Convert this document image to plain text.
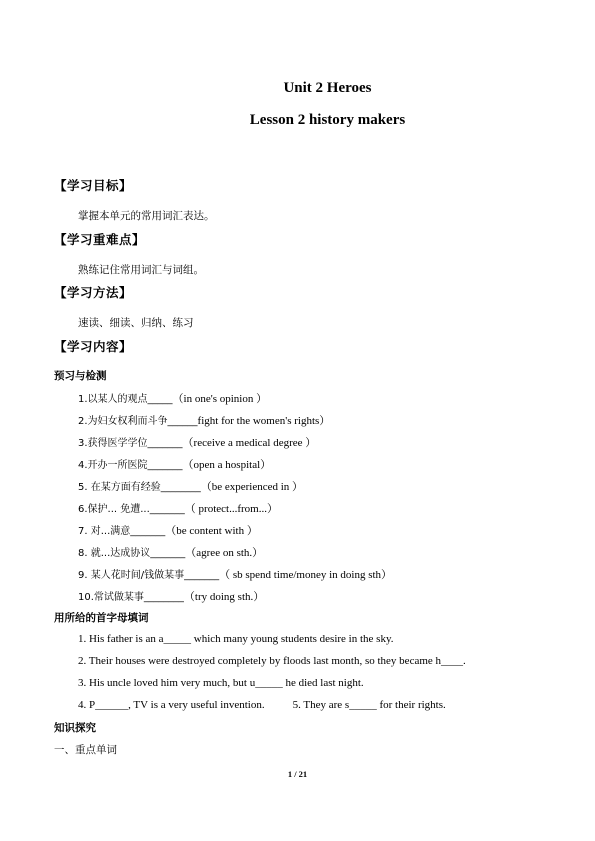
Unit 2 Heroes
Lesson 2 history makers
【学习目标】
掌握本单元的常用词汇表达。
【学习重难点】
熟练记住常用词汇与词组。
【学习方法】
速读、细读、归纳、练习
【学习内容】
预习与检测
1.以某人的观点_____（in one's opinion ）
2.为妇女权利而斗争______fight for the women's rights）
3.获得医学学位_______（receive a medical degree ）
4.开办一所医院_______（open a hospital）
5. 在某方面有经验________（be experienced in ）
6.保护... 免遭..._______（ protect...from...）
7. 对...满意_______（be content with ）
8. 就...达成协议_______（agree on sth.）
9. 某人花时间/钱做某事_______（ sb spend time/money in doing sth）
10.常试做某事________（try doing sth.）
用所给的首字母填词
1. His father is an a_____ which many young students desire in the sky.
2. Their houses were destroyed completely by floods last month, so they became h____.
3. His uncle loved him very much, but u_____ he died last night.
4. P______, TV is a very useful invention.	5. They are s_____ for their rights.
知识探究
一、重点单词
1 / 21
